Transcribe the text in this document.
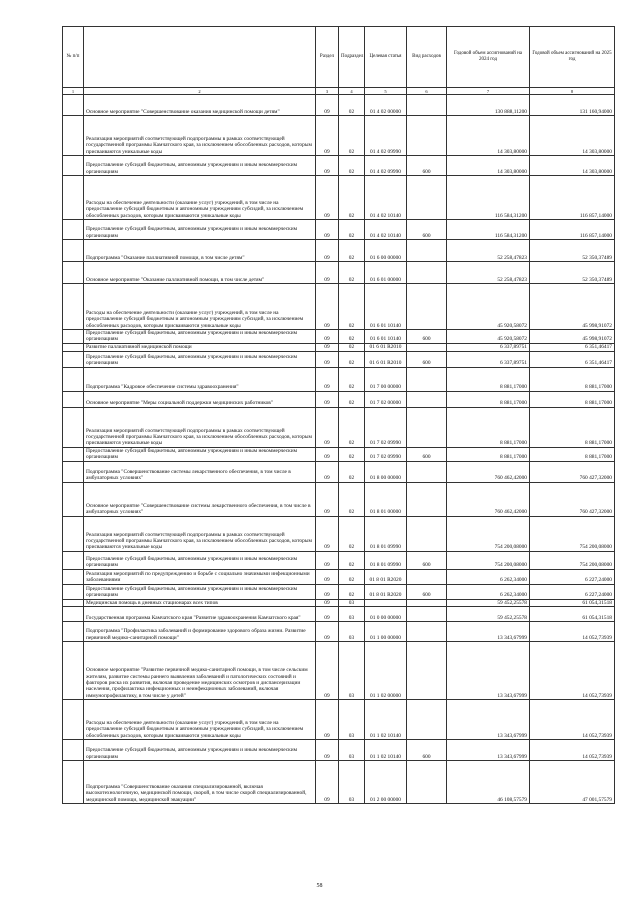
№ п/п		Раздел	Подраздел	Целевая статья	Вид расходов	Годовой объем ассигнований на 2024 год	Годовой объем ассигнований на 2025 год
1	2	3	4	5	6	7	8
	Основное мероприятие "Совершенствование оказания медицинской помощи детям"	09	02	01 4 02 00000		130 888,11200	131 160,94000
	Реализация мероприятий соответствующей подпрограммы в рамках соответствующей государственной программы Камчатского края, за исключением обособленных расходов, которым присваиваются уникальные коды	09	02	01 4 02 09990		14 303,80000	14 303,80000
	Предоставление субсидий бюджетным, автономным учреждениям и иным некоммерческим организациям	09	02	01 4 02 09990	600	14 303,80000	14 303,80000
	Расходы на обеспечение деятельности (оказание услуг) учреждений, в том числе на предоставление субсидий бюджетным и автономным учреждениям субсидий, за исключением обособленных расходов, которым присваиваются уникальные коды	09	02	01 4 02 10140		116 584,31200	116 857,14000
	Предоставление субсидий бюджетным, автономным учреждениям и иным некоммерческим организациям	09	02	01 4 02 10140	600	116 584,31200	116 857,14000
	Подпрограмма "Оказание паллиативной помощи, в том числе детям"	09	02	01 6 00 00000		52 258,47823	52 350,37489
	Основное мероприятие "Оказание паллиативной помощи, в том числе детям"	09	02	01 6 01 00000		52 258,47823	52 350,37489
	Расходы на обеспечение деятельности (оказание услуг) учреждений, в том числе на предоставление субсидий бюджетным и автономным учреждениям субсидий, за исключением обособленных расходов, которым присваиваются уникальные коды	09	02	01 6 01 10140		45 920,58072	45 998,91072
	Предоставление субсидий бюджетным, автономным учреждениям и иным некоммерческим организациям	09	02	01 6 01 10140	600	45 920,58072	45 998,91072
	Развитие паллиативной медицинской помощи	09	02	01 6 01 R2010		6 337,89751	6 351,46417
	Предоставление субсидий бюджетным, автономным учреждениям и иным некоммерческим организациям	09	02	01 6 01 R2010	600	6 337,89751	6 351,46417
	Подпрограмма "Кадровое обеспечение системы здравоохранения"	09	02	01 7 00 00000		8 881,17000	8 881,17000
	Основное мероприятие "Меры социальной поддержки медицинских работников"	09	02	01 7 02 00000		8 881,17000	8 881,17000
	Реализация мероприятий соответствующей подпрограммы в рамках соответствующей государственной программы Камчатского края, за исключением обособленных расходов, которым присваиваются уникальные коды	09	02	01 7 02 09990		8 881,17000	8 881,17000
	Предоставление субсидий бюджетным, автономным учреждениям и иным некоммерческим организациям	09	02	01 7 02 09990	600	8 881,17000	8 881,17000
	Подпрограмма "Совершенствование системы лекарственного обеспечения, в том числе в амбулаторных условиях"	09	02	01 8 00 00000		760 462,42000	760 427,32000
	Основное мероприятие "Совершенствование системы лекарственного обеспечения, в том числе в амбулаторных условиях"	09	02	01 8 01 00000		760 462,42000	760 427,32000
	Реализация мероприятий соответствующей подпрограммы в рамках соответствующей государственной программы Камчатского края, за исключением обособленных расходов, которым присваиваются уникальные коды	09	02	01 8 01 09990		754 200,08000	754 200,08000
	Предоставление субсидий бюджетным, автономным учреждениям и иным некоммерческим организациям	09	02	01 8 01 09990	600	754 200,08000	754 200,08000
	Реализация мероприятий по предупреждению и борьбе с социально значимыми инфекционными заболеваниями	09	02	01 8 01 R2020		6 262,34000	6 227,24000
	Предоставление субсидий бюджетным, автономным учреждениям и иным некоммерческим организациям	09	02	01 8 01 R2020	600	6 262,34000	6 227,24000
	Медицинская помощь в дневных стационарах всех типов	09	03			59 452,25578	61 054,31518
	Государственная программа Камчатского края "Развитие здравоохранения Камчатского края"	09	03	01 0 00 00000		59 452,25578	61 054,31518
	Подпрограмма "Профилактика заболеваний и формирование здорового образа жизни. Развитие первичной медико-санитарной помощи"	09	03	01 1 00 00000		13 343,67999	14 052,73939
	Основное мероприятие "Развитие первичной медико-санитарной помощи, в том числе сельским жителям, развитие системы раннего выявления заболеваний и патологических состояний и факторов риска их развития, включая проведение медицинских осмотров и диспансеризации населения, профилактика инфекционных и неинфекционных заболеваний, включая иммунопрофилактику, в том числе у детей"	09	03	01 1 02 00000		13 343,67999	14 052,73939
	Расходы на обеспечение деятельности (оказание услуг) учреждений, в том числе на предоставление субсидий бюджетным и автономным учреждениям субсидий, за исключением обособленных расходов, которым присваиваются уникальные коды	09	03	01 1 02 10140		13 343,67999	14 052,73939
	Предоставление субсидий бюджетным, автономным учреждениям и иным некоммерческим организациям	09	03	01 1 02 10140	600	13 343,67999	14 052,73939
	Подпрограмма "Совершенствование оказания специализированной, включая высокотехнологичную, медицинской помощи, скорой, в том числе скорой специализированной, медицинской помощи, медицинской эвакуации"	09	03	01 2 00 00000		46 108,57579	47 001,57579
58
